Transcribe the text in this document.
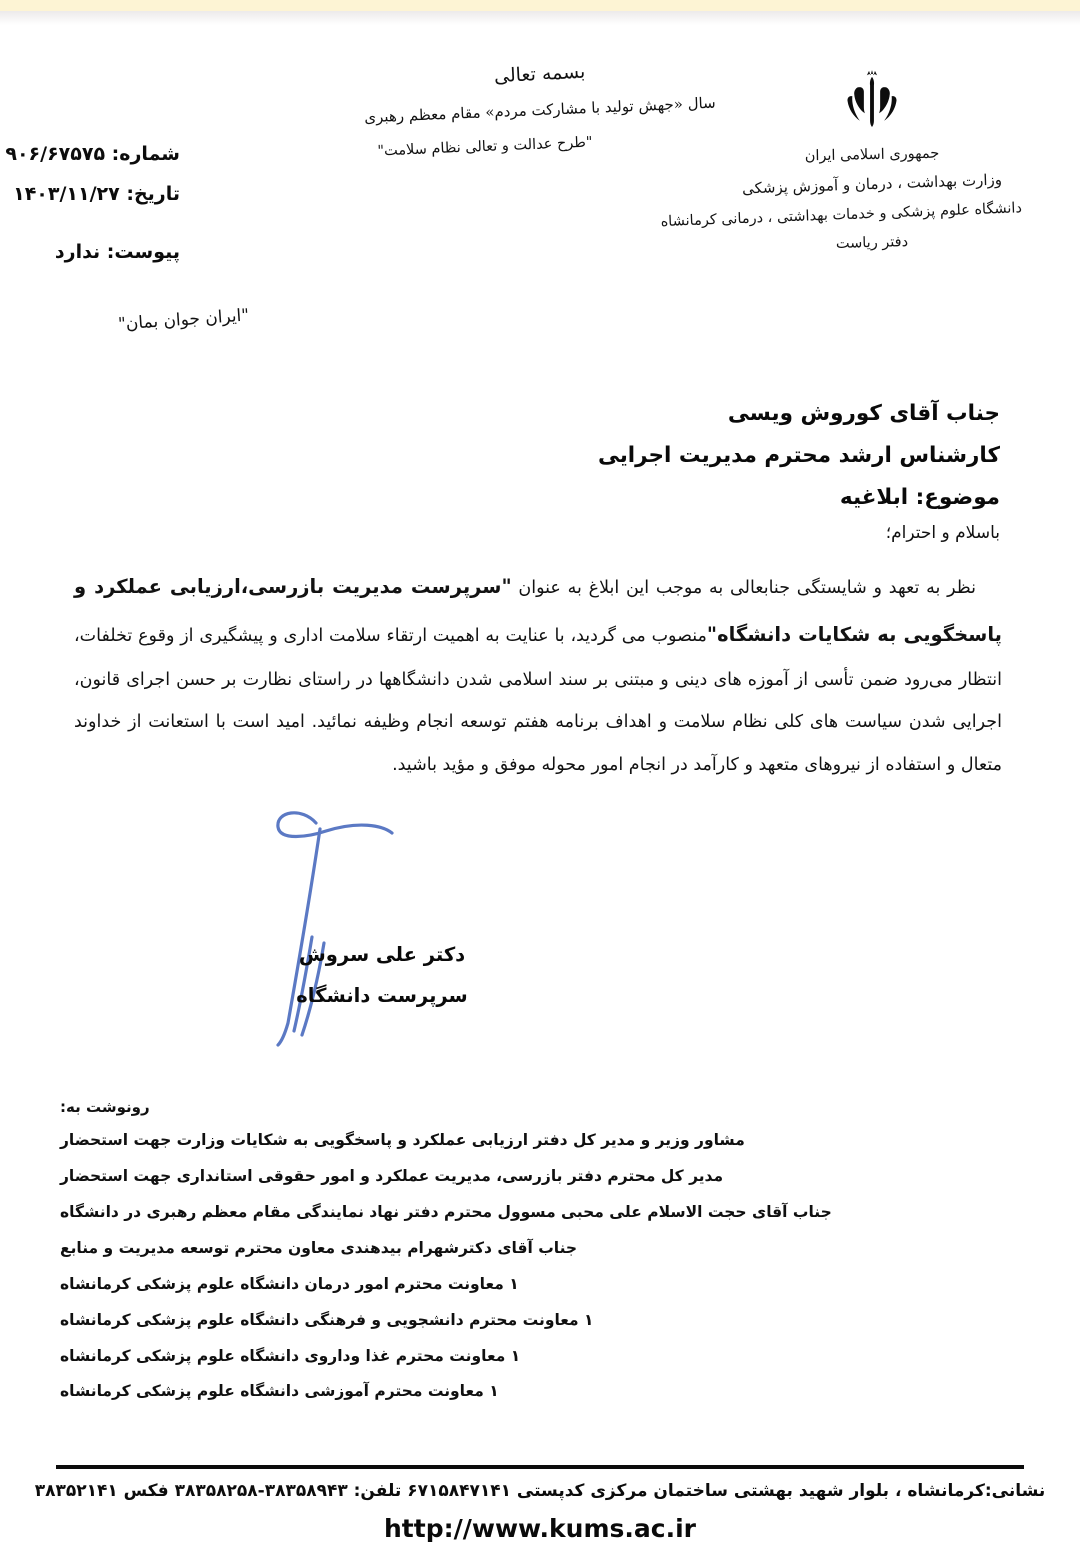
جمهوری اسلامی ایران
وزارت بهداشت ، درمان و آموزش پزشکی
دانشگاه علوم پزشکی و خدمات بهداشتی ، درمانی کرمانشاه
دفتر ریاست
بسمه تعالی
سال «جهش تولید با مشارکت مردم» مقام معظم رهبری
"طرح عدالت و تعالی نظام سلامت"
شماره: ۹۰۶/۶۷۵۷۵
تاریخ: ۱۴۰۳/۱۱/۲۷
پیوست: ندارد
"ایران جوان بمان"
جناب آقای کوروش ویسی
کارشناس ارشد محترم مدیریت اجرایی
موضوع: ابلاغیه
باسلام و احترام؛
نظر به تعهد و شایستگی جنابعالی به موجب این ابلاغ به عنوان "سرپرست مدیریت بازرسی،ارزیابی عملکرد و پاسخگویی به شکایات دانشگاه"منصوب می گردید، با عنایت به اهمیت ارتقاء سلامت اداری و پیشگیری از وقوع تخلفات، انتظار می‌رود ضمن تأسی از آموزه های دینی و مبتنی بر سند اسلامی شدن دانشگاهها در راستای نظارت بر حسن اجرای قانون، اجرایی شدن سیاست های کلی نظام سلامت و اهداف برنامه هفتم توسعه انجام وظیفه نمائید. امید است با استعانت از خداوند متعال و استفاده از نیروهای متعهد و کارآمد در انجام امور محوله موفق و مؤید باشید.
دکتر علی سروش
سرپرست دانشگاه
رونوشت به:
مشاور وزیر و مدیر کل دفتر ارزیابی عملکرد و پاسخگویی به شکایات وزارت جهت استحضار
مدیر کل محترم دفتر بازرسی، مدیریت عملکرد و امور حقوقی استانداری جهت استحضار
جناب آقای حجت الاسلام علی محبی مسوول محترم دفتر نهاد نمایندگی مقام معظم رهبری در دانشگاه
جناب آقای دکترشهرام بیدهندی معاون محترم توسعه مدیریت و منابع
۱ معاونت محترم امور درمان دانشگاه علوم پزشکی کرمانشاه
۱ معاونت محترم دانشجویی و فرهنگی دانشگاه علوم پزشکی کرمانشاه
۱ معاونت محترم غذا وداروی دانشگاه علوم پزشکی کرمانشاه
۱ معاونت محترم آموزشی دانشگاه علوم پزشکی کرمانشاه
نشانی:کرمانشاه ، بلوار شهید بهشتی ساختمان مرکزی کدپستی ۶۷۱۵۸۴۷۱۴۱ تلفن: ۳۸۳۵۸۹۴۳-۳۸۳۵۸۲۵۸ فکس ۳۸۳۵۲۱۴۱
http://www.kums.ac.ir
